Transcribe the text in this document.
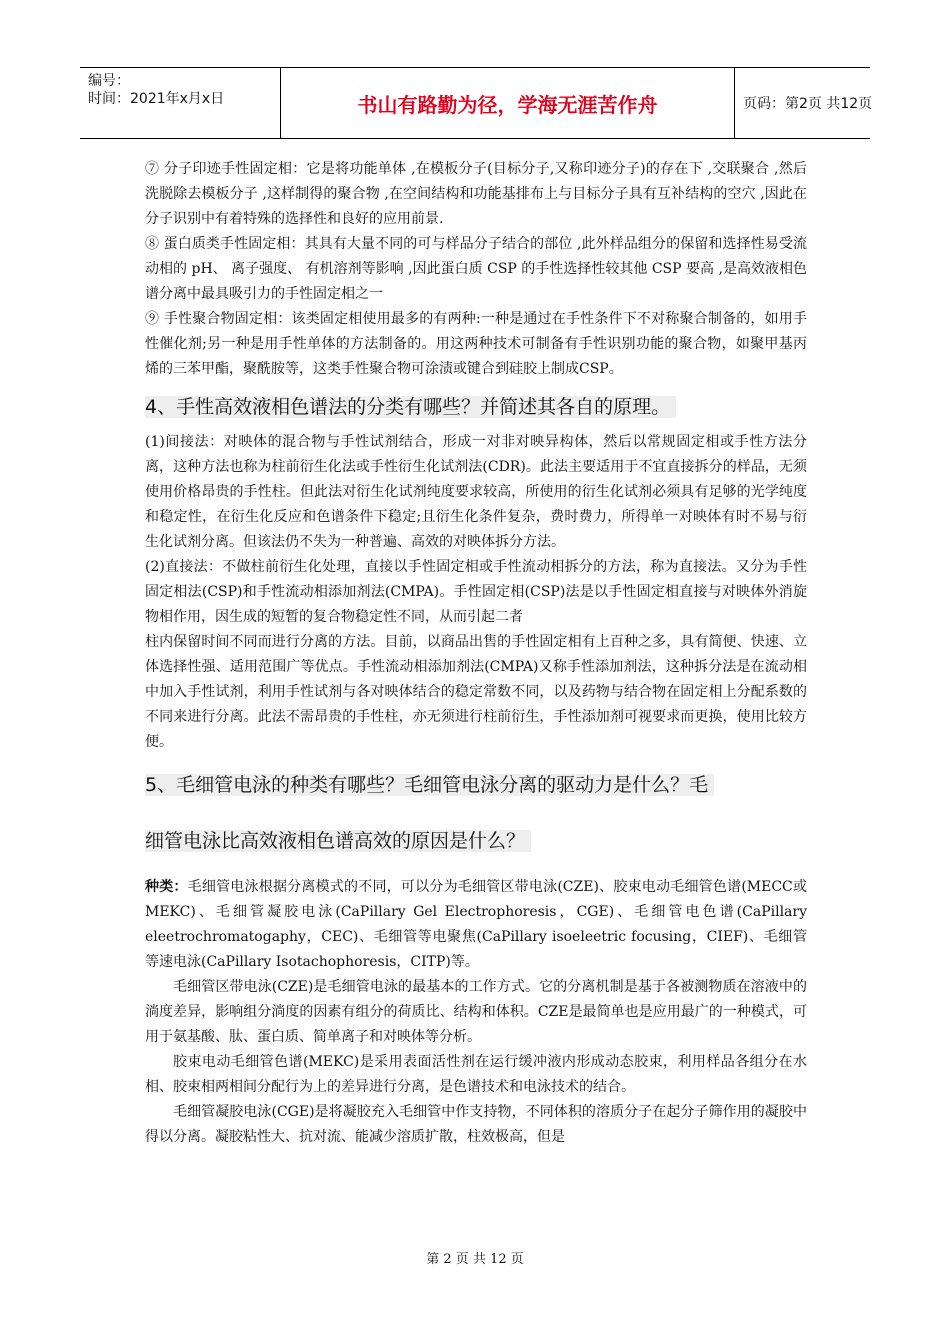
编号：
时间：2021年x月x日	书山有路勤为径，学海无涯苦作舟	页码：第2页 共12页

⑦ 分子印迹手性固定相：它是将功能单体 ,在模板分子(目标分子,又称印迹分子)的存在下 ,交联聚合 ,然后洗脱除去模板分子 ,这样制得的聚合物 ,在空间结构和功能基排布上与目标分子具有互补结构的空穴 ,因此在分子识别中有着特殊的选择性和良好的应用前景.

⑧ 蛋白质类手性固定相：其具有大量不同的可与样品分子结合的部位 ,此外样品组分的保留和选择性易受流动相的 pH、 离子强度、 有机溶剂等影响 ,因此蛋白质 CSP 的手性选择性较其他 CSP 要高 ,是高效液相色谱分离中最具吸引力的手性固定相之一

⑨ 手性聚合物固定相：该类固定相使用最多的有两种:一种是通过在手性条件下不对称聚合制备的，如用手性催化剂;另一种是用手性单体的方法制备的。用这两种技术可制备有手性识别功能的聚合物，如聚甲基丙烯的三苯甲酯，聚酰胺等，这类手性聚合物可涂渍或键合到硅胶上制成CSP。

4、手性高效液相色谱法的分类有哪些？并简述其各自的原理。

(1)间接法：对映体的混合物与手性试剂结合，形成一对非对映异构体，然后以常规固定相或手性方法分离，这种方法也称为柱前衍生化法或手性衍生化试剂法(CDR)。此法主要适用于不宜直接拆分的样品，无须使用价格昂贵的手性柱。但此法对衍生化试剂纯度要求较高，所使用的衍生化试剂必须具有足够的光学纯度和稳定性，在衍生化反应和色谱条件下稳定;且衍生化条件复杂，费时费力，所得单一对映体有时不易与衍生化试剂分离。但该法仍不失为一种普遍、高效的对映体拆分方法。

(2)直接法：不做柱前衍生化处理，直接以手性固定相或手性流动相拆分的方法，称为直接法。又分为手性固定相法(CSP)和手性流动相添加剂法(CMPA)。手性固定相(CSP)法是以手性固定相直接与对映体外消旋物相作用，因生成的短暂的复合物稳定性不同，从而引起二者

柱内保留时间不同而进行分离的方法。目前，以商品出售的手性固定相有上百种之多，具有简便、快速、立体选择性强、适用范围广等优点。手性流动相添加剂法(CMPA)又称手性添加剂法，这种拆分法是在流动相中加入手性试剂，利用手性试剂与各对映体结合的稳定常数不同，以及药物与结合物在固定相上分配系数的不同来进行分离。此法不需昂贵的手性柱，亦无须进行柱前衍生，手性添加剂可视要求而更换，使用比较方便。

5、毛细管电泳的种类有哪些？毛细管电泳分离的驱动力是什么？毛
细管电泳比高效液相色谱高效的原因是什么？

种类：毛细管电泳根据分离模式的不同，可以分为毛细管区带电泳(CZE)、胶束电动毛细管色谱(MECC或MEKC)、毛细管凝胶电泳(CaPillary Gel Electrophoresis，CGE)、毛细管电色谱(CaPillary eleetrochromatogaphy，CEC)、毛细管等电聚焦(CaPillary isoeleetric focusing，CIEF)、毛细管等速电泳(CaPillary Isotachophoresis，CITP)等。

毛细管区带电泳(CZE)是毛细管电泳的最基本的工作方式。它的分离机制是基于各被测物质在溶液中的淌度差异，影响组分淌度的因素有组分的荷质比、结构和体积。CZE是最简单也是应用最广的一种模式，可用于氨基酸、肽、蛋白质、简单离子和对映体等分析。

胶束电动毛细管色谱(MEKC)是采用表面活性剂在运行缓冲液内形成动态胶束，利用样品各组分在水相、胶束相两相间分配行为上的差异进行分离，是色谱技术和电泳技术的结合。

毛细管凝胶电泳(CGE)是将凝胶充入毛细管中作支持物，不同体积的溶质分子在起分子筛作用的凝胶中得以分离。凝胶粘性大、抗对流、能减少溶质扩散，柱效极高，但是

第 2 页 共 12 页
